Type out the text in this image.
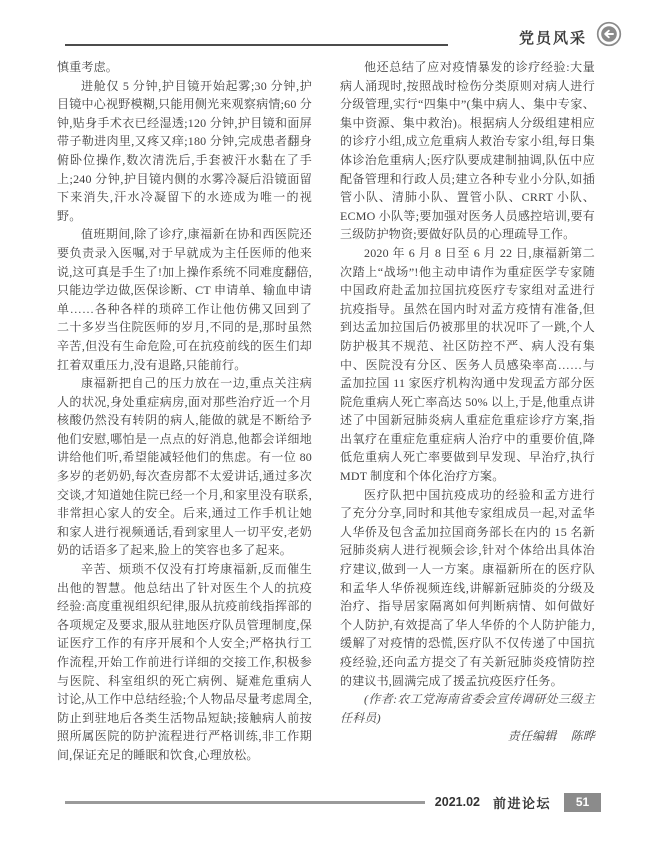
党员风采

慎重考虑。

进舱仅 5 分钟,护目镜开始起雾;30 分钟,护目镜中心视野模糊,只能用侧光来观察病情;60 分钟,贴身手术衣已经湿透;120 分钟,护目镜和面屏带子勒进肉里,又疼又痒;180 分钟,完成患者翻身俯卧位操作,数次清洗后,手套被汗水黏在了手上;240 分钟,护目镜内侧的水雾冷凝后沿镜面留下来消失,汗水冷凝留下的水迹成为唯一的视野。

值班期间,除了诊疗,康福新在协和西医院还要负责录入医嘱,对于早就成为主任医师的他来说,这可真是手生了!加上操作系统不同难度翻倍,只能边学边做,医保诊断、CT 申请单、输血申请单……各种各样的琐碎工作让他仿佛又回到了二十多岁当住院医师的岁月,不同的是,那时虽然辛苦,但没有生命危险,可在抗疫前线的医生们却扛着双重压力,没有退路,只能前行。

康福新把自己的压力放在一边,重点关注病人的状况,身处重症病房,面对那些治疗近一个月核酸仍然没有转阴的病人,能做的就是不断给予他们安慰,哪怕是一点点的好消息,他都会详细地讲给他们听,希望能减轻他们的焦虑。有一位 80 多岁的老奶奶,每次查房都不太爱讲话,通过多次交谈,才知道她住院已经一个月,和家里没有联系,非常担心家人的安全。后来,通过工作手机让她和家人进行视频通话,看到家里人一切平安,老奶奶的话语多了起来,脸上的笑容也多了起来。

辛苦、烦琐不仅没有打垮康福新,反而催生出他的智慧。他总结出了针对医生个人的抗疫经验:高度重视组织纪律,服从抗疫前线指挥部的各项规定及要求,服从驻地医疗队员管理制度,保证医疗工作的有序开展和个人安全;严格执行工作流程,开始工作前进行详细的交接工作,积极参与医院、科室组织的死亡病例、疑难危重病人讨论,从工作中总结经验;个人物品尽量考虑周全,防止到驻地后各类生活物品短缺;接触病人前按照所属医院的防护流程进行严格训练,非工作期间,保证充足的睡眠和饮食,心理放松。

他还总结了应对疫情暴发的诊疗经验:大量病人涌现时,按照战时检伤分类原则对病人进行分级管理,实行“四集中”(集中病人、集中专家、集中资源、集中救治)。根据病人分级组建相应的诊疗小组,成立危重病人救治专家小组,每日集体诊治危重病人;医疗队要成建制抽调,队伍中应配备管理和行政人员;建立各种专业小分队,如插管小队、清肺小队、置管小队、CRRT 小队、ECMO 小队等;要加强对医务人员感控培训,要有三级防护物资;要做好队员的心理疏导工作。

2020 年 6 月 8 日至 6 月 22 日,康福新第二次踏上“战场”!他主动申请作为重症医学专家随中国政府赴孟加拉国抗疫医疗专家组对孟进行抗疫指导。虽然在国内时对孟方疫情有准备,但到达孟加拉国后仍被那里的状况吓了一跳,个人防护极其不规范、社区防控不严、病人没有集中、医院没有分区、医务人员感染率高……与孟加拉国 11 家医疗机构沟通中发现孟方部分医院危重病人死亡率高达 50% 以上,于是,他重点讲述了中国新冠肺炎病人重症危重症诊疗方案,指出氧疗在重症危重症病人治疗中的重要价值,降低危重病人死亡率要做到早发现、早治疗,执行 MDT 制度和个体化治疗方案。

医疗队把中国抗疫成功的经验和孟方进行了充分分享,同时和其他专家组成员一起,对孟华人华侨及包含孟加拉国商务部长在内的 15 名新冠肺炎病人进行视频会诊,针对个体给出具体治疗建议,做到一人一方案。康福新所在的医疗队和孟华人华侨视频连线,讲解新冠肺炎的分级及治疗、指导居家隔离如何判断病情、如何做好个人防护,有效提高了华人华侨的个人防护能力,缓解了对疫情的恐慌,医疗队不仅传递了中国抗疫经验,还向孟方提交了有关新冠肺炎疫情防控的建议书,圆满完成了援孟抗疫医疗任务。

(作者:农工党海南省委会宣传调研处三级主任科员)

责任编辑 陈晔

2021.02 前进论坛	51
